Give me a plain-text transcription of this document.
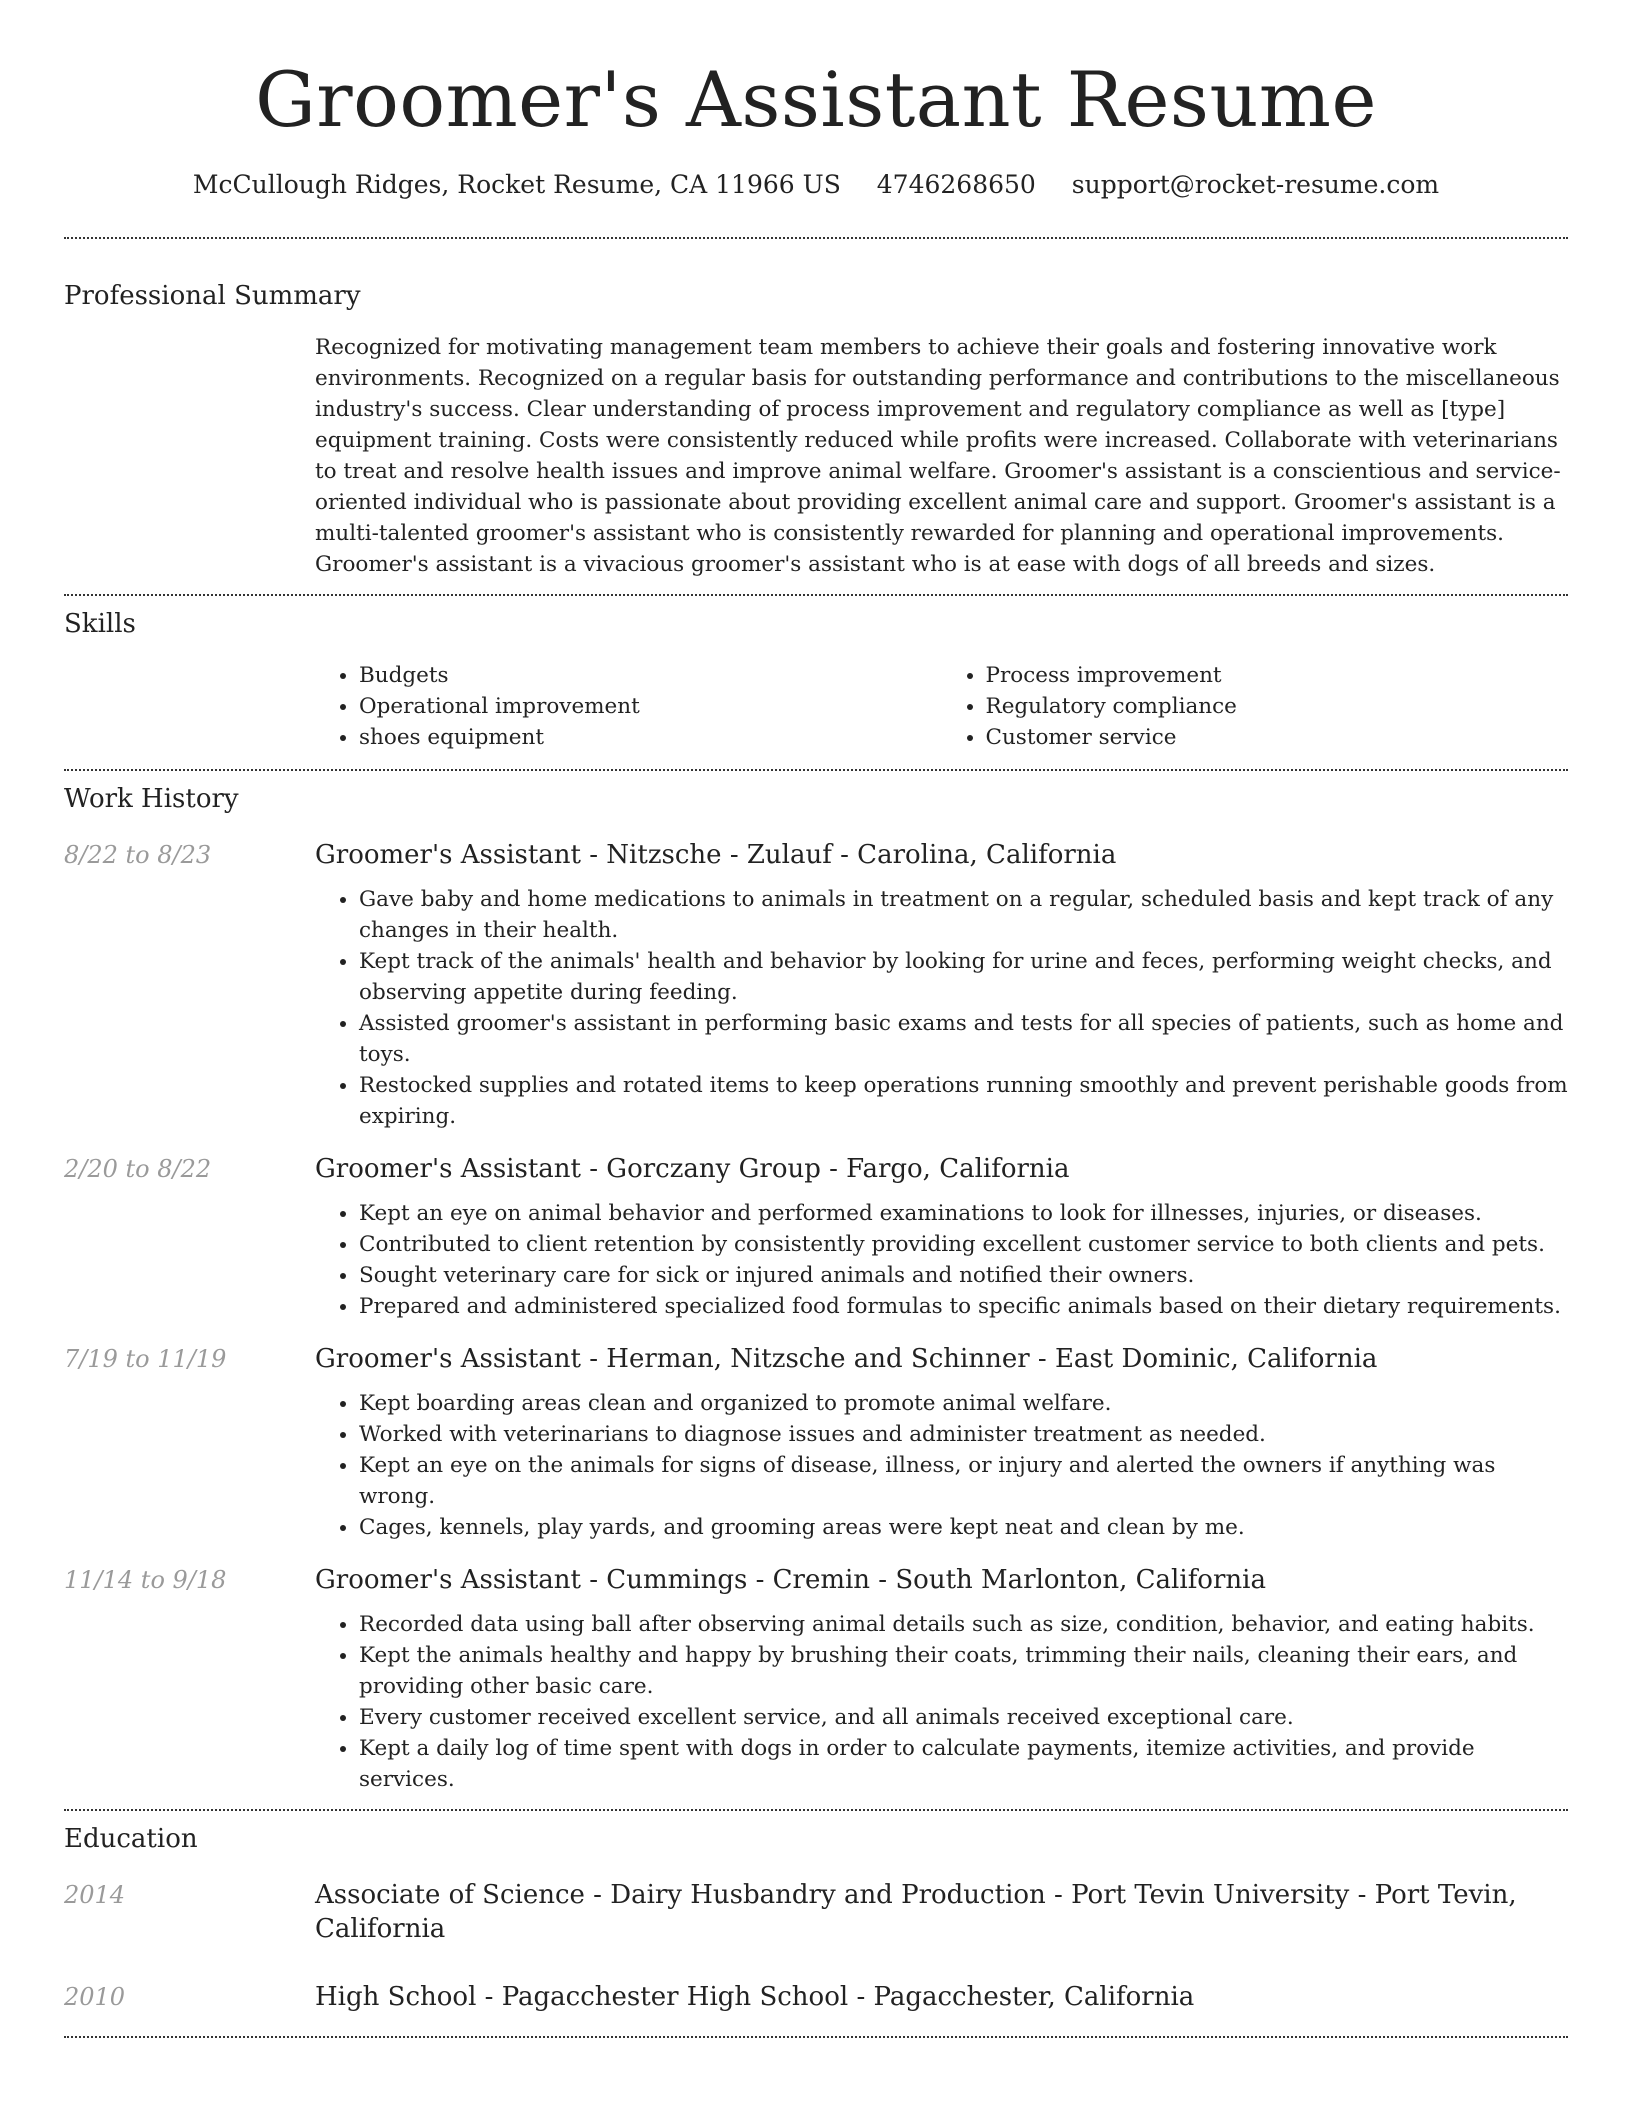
Groomer's Assistant Resume
McCullough Ridges, Rocket Resume, CA 11966 US 4746268650 support@rocket-resume.com
Professional Summary

Recognized for motivating management team members to achieve their goals and fostering innovative work environments. Recognized on a regular basis for outstanding performance and contributions to the miscellaneous industry's success. Clear understanding of process improvement and regulatory compliance as well as [type] equipment training. Costs were consistently reduced while profits were increased. Collaborate with veterinarians to treat and resolve health issues and improve animal welfare. Groomer's assistant is a conscientious and service-oriented individual who is passionate about providing excellent animal care and support. Groomer's assistant is a multi-talented groomer's assistant who is consistently rewarded for planning and operational improvements. Groomer's assistant is a vivacious groomer's assistant who is at ease with dogs of all breeds and sizes.

Skills
• Budgets
• Operational improvement
• shoes equipment
• Process improvement
• Regulatory compliance
• Customer service
Work History
8/22 to 8/23	Groomer's Assistant - Nitzsche - Zulauf - Carolina, California
• Gave baby and home medications to animals in treatment on a regular, scheduled basis and kept track of any changes in their health.
• Kept track of the animals' health and behavior by looking for urine and feces, performing weight checks, and observing appetite during feeding.
• Assisted groomer's assistant in performing basic exams and tests for all species of patients, such as home and toys.
• Restocked supplies and rotated items to keep operations running smoothly and prevent perishable goods from expiring.
2/20 to 8/22	Groomer's Assistant - Gorczany Group - Fargo, California
• Kept an eye on animal behavior and performed examinations to look for illnesses, injuries, or diseases.
• Contributed to client retention by consistently providing excellent customer service to both clients and pets.
• Sought veterinary care for sick or injured animals and notified their owners.
• Prepared and administered specialized food formulas to specific animals based on their dietary requirements.
7/19 to 11/19	Groomer's Assistant - Herman, Nitzsche and Schinner - East Dominic, California
• Kept boarding areas clean and organized to promote animal welfare.
• Worked with veterinarians to diagnose issues and administer treatment as needed.
• Kept an eye on the animals for signs of disease, illness, or injury and alerted the owners if anything was wrong.
• Cages, kennels, play yards, and grooming areas were kept neat and clean by me.
11/14 to 9/18	Groomer's Assistant - Cummings - Cremin - South Marlonton, California
• Recorded data using ball after observing animal details such as size, condition, behavior, and eating habits.
• Kept the animals healthy and happy by brushing their coats, trimming their nails, cleaning their ears, and providing other basic care.
• Every customer received excellent service, and all animals received exceptional care.
• Kept a daily log of time spent with dogs in order to calculate payments, itemize activities, and provide services.
Education
2014	Associate of Science - Dairy Husbandry and Production - Port Tevin University - Port Tevin, California
2010	High School - Pagacchester High School - Pagacchester, California
